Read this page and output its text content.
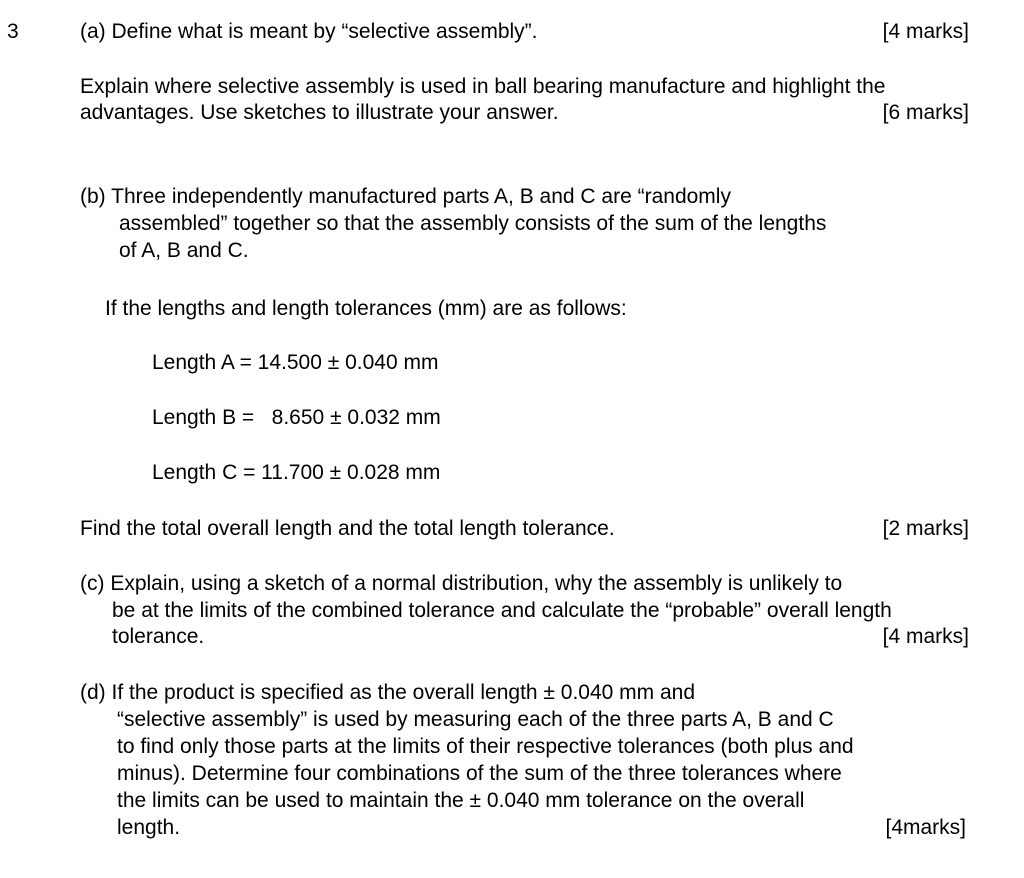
3	(a) Define what is meant by “selective assembly”.	[4 marks]
Explain where selective assembly is used in ball bearing manufacture and highlight the
advantages. Use sketches to illustrate your answer.	[6 marks]
(b) Three independently manufactured parts A, B and C are “randomly
assembled” together so that the assembly consists of the sum of the lengths
of A, B and C.
If the lengths and length tolerances (mm) are as follows:
Length A = 14.500 ± 0.040 mm
Length B =   8.650 ± 0.032 mm
Length C = 11.700 ± 0.028 mm
Find the total overall length and the total length tolerance.	[2 marks]
(c) Explain, using a sketch of a normal distribution, why the assembly is unlikely to
be at the limits of the combined tolerance and calculate the “probable” overall length
tolerance.	[4 marks]
(d) If the product is specified as the overall length ± 0.040 mm and
“selective assembly” is used by measuring each of the three parts A, B and C
to find only those parts at the limits of their respective tolerances (both plus and
minus). Determine four combinations of the sum of the three tolerances where
the limits can be used to maintain the ± 0.040 mm tolerance on the overall
length.	[4marks]
